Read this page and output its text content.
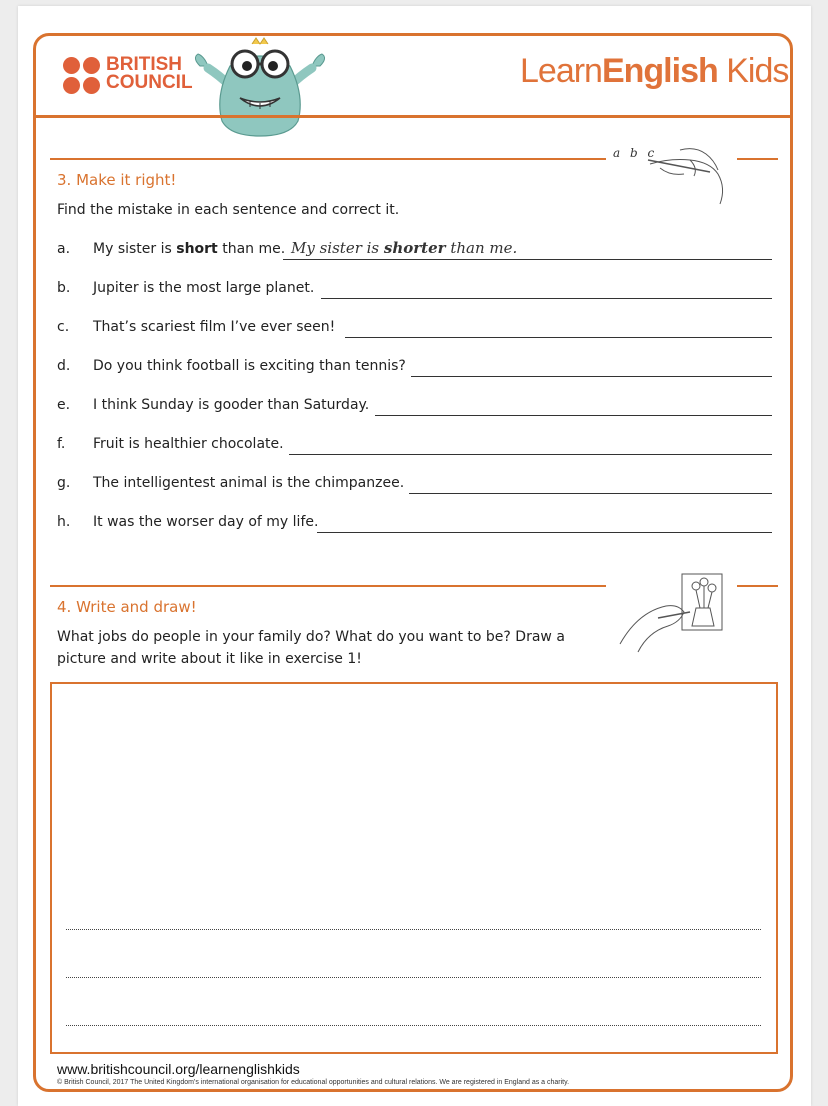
BRITISH
COUNCIL	LearnEnglish Kids
a b c
3. Make it right!
Find the mistake in each sentence and correct it.
a. My sister is short than me. My sister is shorter than me.
b. Jupiter is the most large planet.
c. That’s scariest film I’ve ever seen!
d. Do you think football is exciting than tennis?
e. I think Sunday is gooder than Saturday.
f. Fruit is healthier chocolate.
g. The intelligentest animal is the chimpanzee.
h. It was the worser day of my life.
4. Write and draw!
What jobs do people in your family do? What do you want to be? Draw a
picture and write about it like in exercise 1!
www.britishcouncil.org/learnenglishkids
© British Council, 2017 The United Kingdom’s international organisation for educational opportunities and cultural relations. We are registered in England as a charity.
